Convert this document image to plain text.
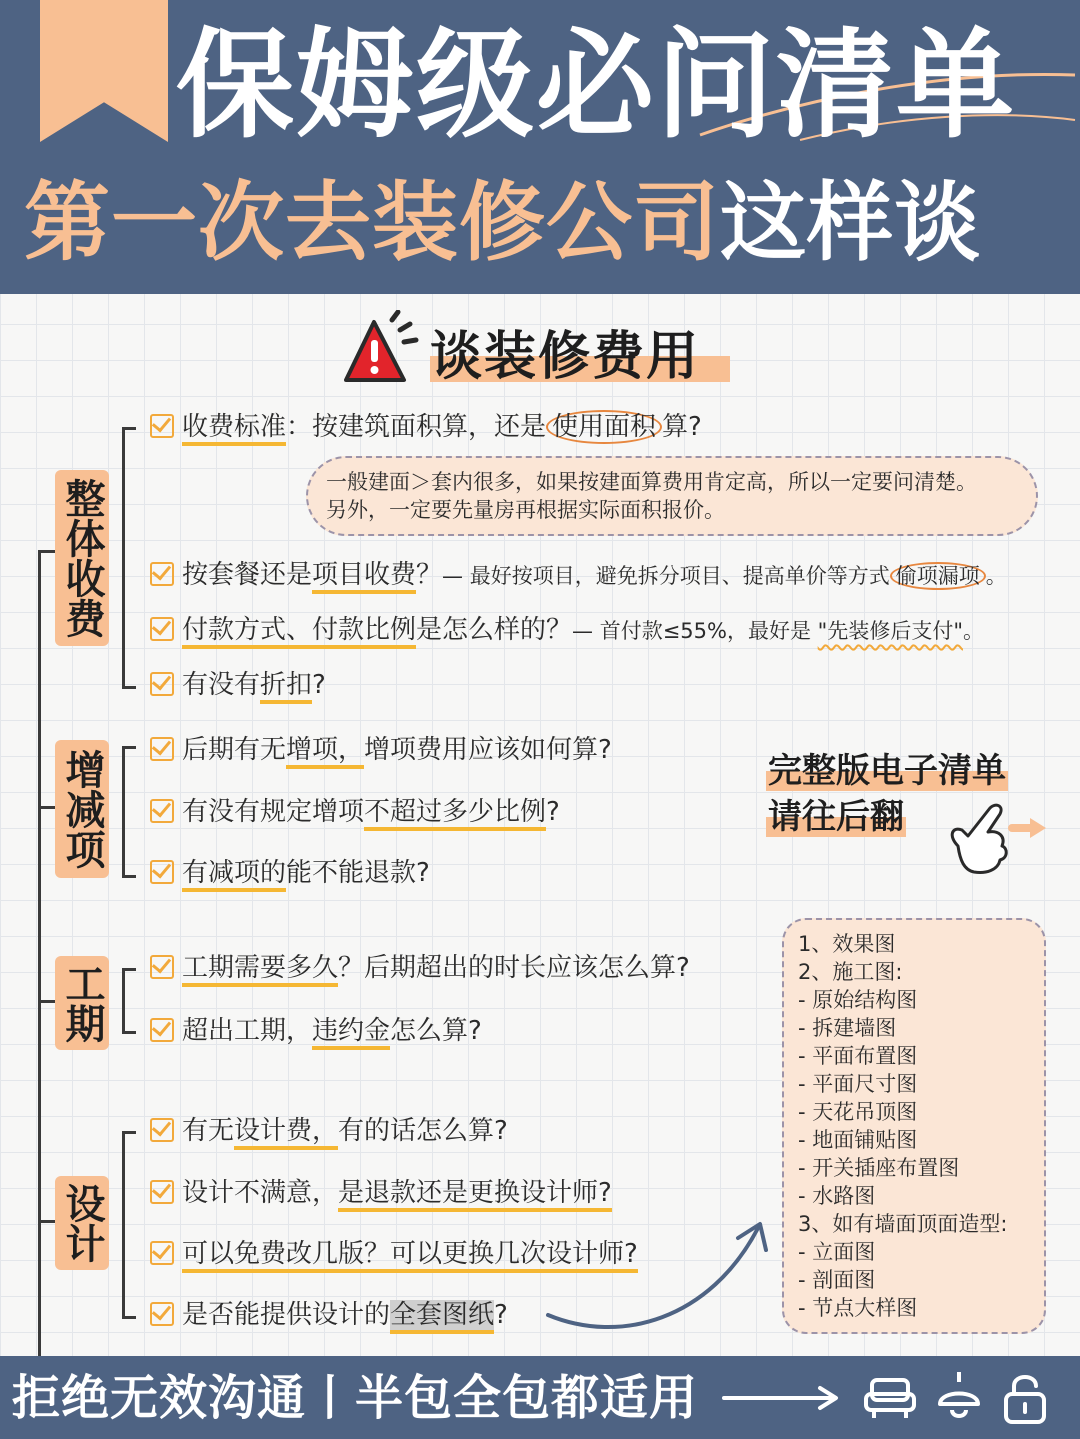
保姆级必问清单
第一次去装修公司这样谈
谈装修费用
整体收费
增减项
工期
设计
收费标准：按建筑面积算，还是 使用面积 算?
一般建面＞套内很多，如果按建面算费用肯定高，所以一定要问清楚。
另外，一定要先量房再根据实际面积报价。
按套餐还是项目收费？— 最好按项目，避免拆分项目、提高单价等方式 偷项漏项 。
付款方式、付款比例是怎么样的？— 首付款≤55%，最好是 "先装修后支付"。
有没有折扣?
后期有无增项，增项费用应该如何算?
有没有规定增项不超过多少比例?
有减项的能不能退款?
工期需要多久？后期超出的时长应该怎么算?
超出工期，违约金怎么算?
有无设计费，有的话怎么算?
设计不满意，是退款还是更换设计师?
可以免费改几版？可以更换几次设计师?
是否能提供设计的全套图纸?
完整版电子清单
请往后翻
1、效果图
2、施工图:
- 原始结构图
- 拆建墙图
- 平面布置图
- 平面尺寸图
- 天花吊顶图
- 地面铺贴图
- 开关插座布置图
- 水路图
3、如有墙面顶面造型:
- 立面图
- 剖面图
- 节点大样图
拒绝无效沟通丨半包全包都适用
